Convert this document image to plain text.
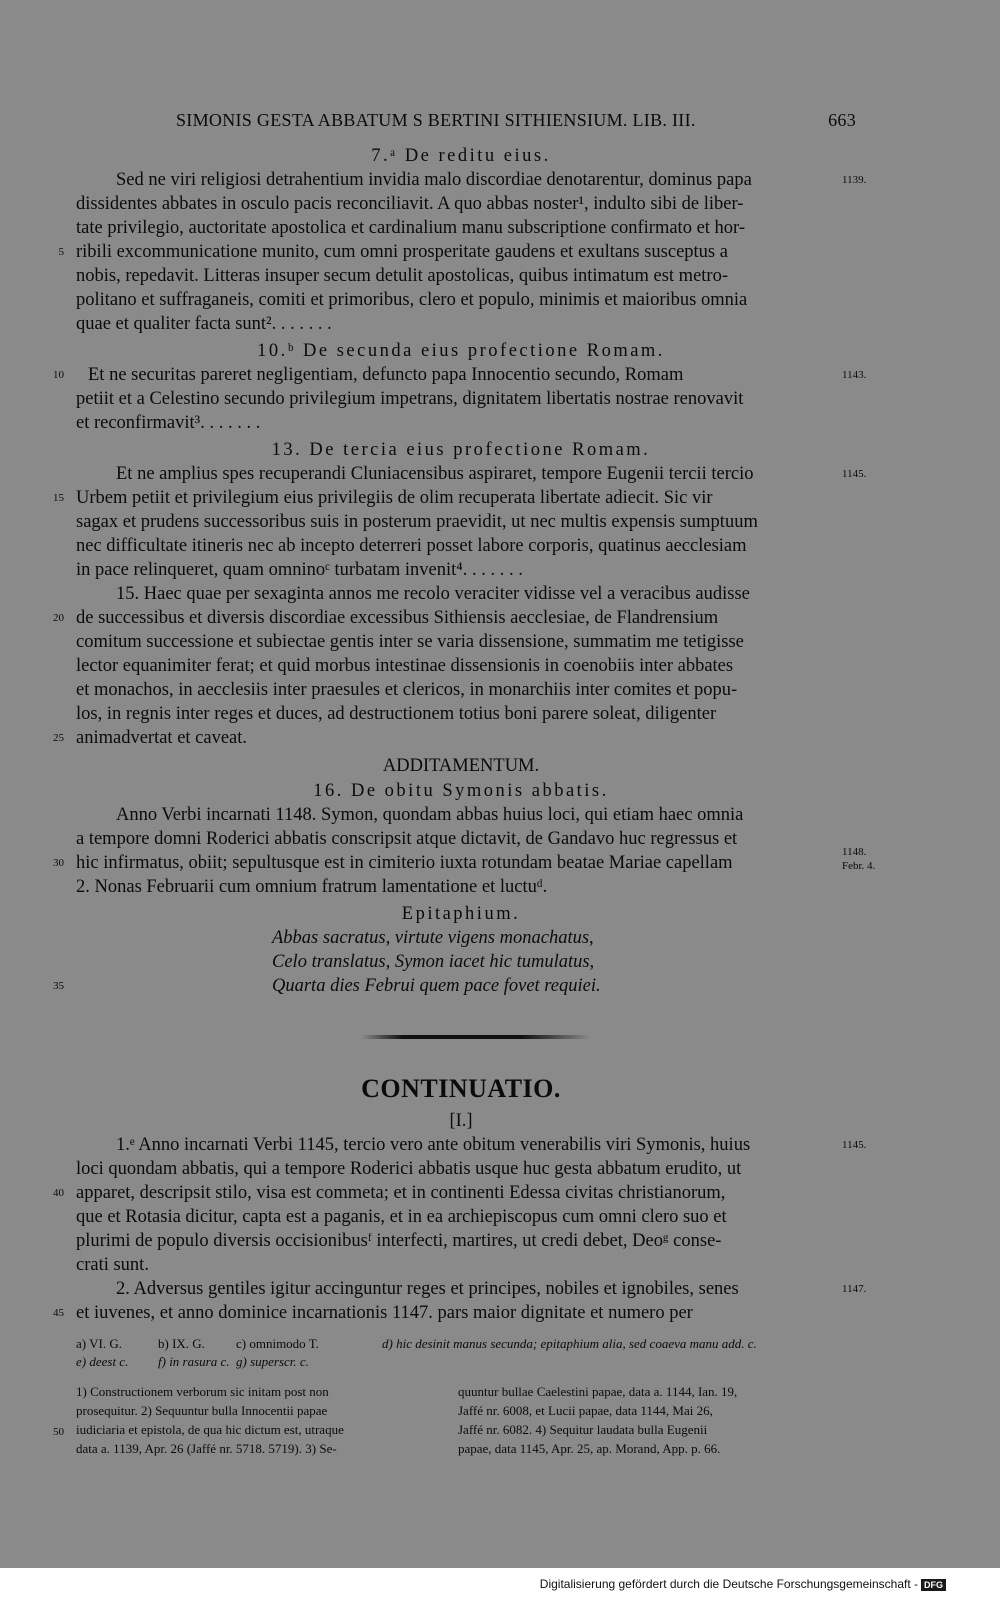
SIMONIS GESTA ABBATUM S BERTINI SITHIENSIUM. LIB. III.	663
7.ᵃ De reditu eius.
Sed ne viri religiosi detrahentium invidia malo discordiae denotarentur, dominus papa	1139.
dissidentes abbates in osculo pacis reconciliavit. A quo abbas noster¹, indulto sibi de liber-
tate privilegio, auctoritate apostolica et cardinalium manu subscriptione confirmato et hor-
ribili excommunicatione munito, cum omni prosperitate gaudens et exultans susceptus a
5
nobis, repedavit. Litteras insuper secum detulit apostolicas, quibus intimatum est metro-
politano et suffraganeis, comiti et primoribus, clero et populo, minimis et maioribus omnia
quae et qualiter facta sunt². . . . . . .
10.ᵇ De secunda eius profectione Romam.
Et ne securitas pareret negligentiam, defuncto papa Innocentio secundo, Romam
10	1143.
petiit et a Celestino secundo privilegium impetrans, dignitatem libertatis nostrae renovavit
et reconfirmavit³. . . . . . .
13. De tercia eius profectione Romam.
Et ne amplius spes recuperandi Cluniacensibus aspiraret, tempore Eugenii tercii tercio	1145.
Urbem petiit et privilegium eius privilegiis de olim recuperata libertate adiecit. Sic vir
15
sagax et prudens successoribus suis in posterum praevidit, ut nec multis expensis sumptuum
nec difficultate itineris nec ab incepto deterreri posset labore corporis, quatinus aecclesiam
in pace relinqueret, quam omninoᶜ turbatam invenit⁴. . . . . . .
15. Haec quae per sexaginta annos me recolo veraciter vidisse vel a veracibus audisse
de successibus et diversis discordiae excessibus Sithiensis aecclesiae, de Flandrensium
20
comitum successione et subiectae gentis inter se varia dissensione, summatim me tetigisse
lector equanimiter ferat; et quid morbus intestinae dissensionis in coenobiis inter abbates
et monachos, in aecclesiis inter praesules et clericos, in monarchiis inter comites et popu-
los, in regnis inter reges et duces, ad destructionem totius boni parere soleat, diligenter
animadvertat et caveat.
25
ADDITAMENTUM.
16. De obitu Symonis abbatis.
Anno Verbi incarnati 1148. Symon, quondam abbas huius loci, qui etiam haec omnia
a tempore domni Roderici abbatis conscripsit atque dictavit, de Gandavo huc regressus et
hic infirmatus, obiit; sepultusque est in cimiterio iuxta rotundam beatae Mariae capellam
30
1148.
Febr. 4.
2. Nonas Februarii cum omnium fratrum lamentatione et luctuᵈ.
Epitaphium.
Abbas sacratus, virtute vigens monachatus,
Celo translatus, Symon iacet hic tumulatus,
Quarta dies Februi quem pace fovet requiei.
35
CONTINUATIO.
[I.]
1.ᵉ Anno incarnati Verbi 1145, tercio vero ante obitum venerabilis viri Symonis, huius	1145.
loci quondam abbatis, qui a tempore Roderici abbatis usque huc gesta abbatum erudito, ut
apparet, descripsit stilo, visa est commeta; et in continenti Edessa civitas christianorum,
40
que et Rotasia dicitur, capta est a paganis, et in ea archiepiscopus cum omni clero suo et
plurimi de populo diversis occisionibusᶠ interfecti, martires, ut credi debet, Deoᵍ conse-
crati sunt.
2. Adversus gentiles igitur accinguntur reges et principes, nobiles et ignobiles, senes	1147.
et iuvenes, et anno dominice incarnationis 1147. pars maior dignitate et numero per
45
a) VI. G.	b) IX. G. c) omnimodo T.	d) hic desinit manus secunda; epitaphium alia, sed coaeva manu add. c.
e) deest c. f) in rasura c. g) superscr. c.
1) Constructionem verborum sic initam post non
prosequitur. 2) Sequuntur bulla Innocentii papae
iudiciaria et epistola, de qua hic dictum est, utraque
50
data a. 1139, Apr. 26 (Jaffé nr. 5718. 5719). 3) Se-
quuntur bullae Caelestini papae, data a. 1144, Ian. 19,
Jaffé nr. 6008, et Lucii papae, data 1144, Mai 26,
Jaffé nr. 6082. 4) Sequitur laudata bulla Eugenii
papae, data 1145, Apr. 25, ap. Morand, App. p. 66.
Digitalisierung gefördert durch die Deutsche Forschungsgemeinschaft - DFG
